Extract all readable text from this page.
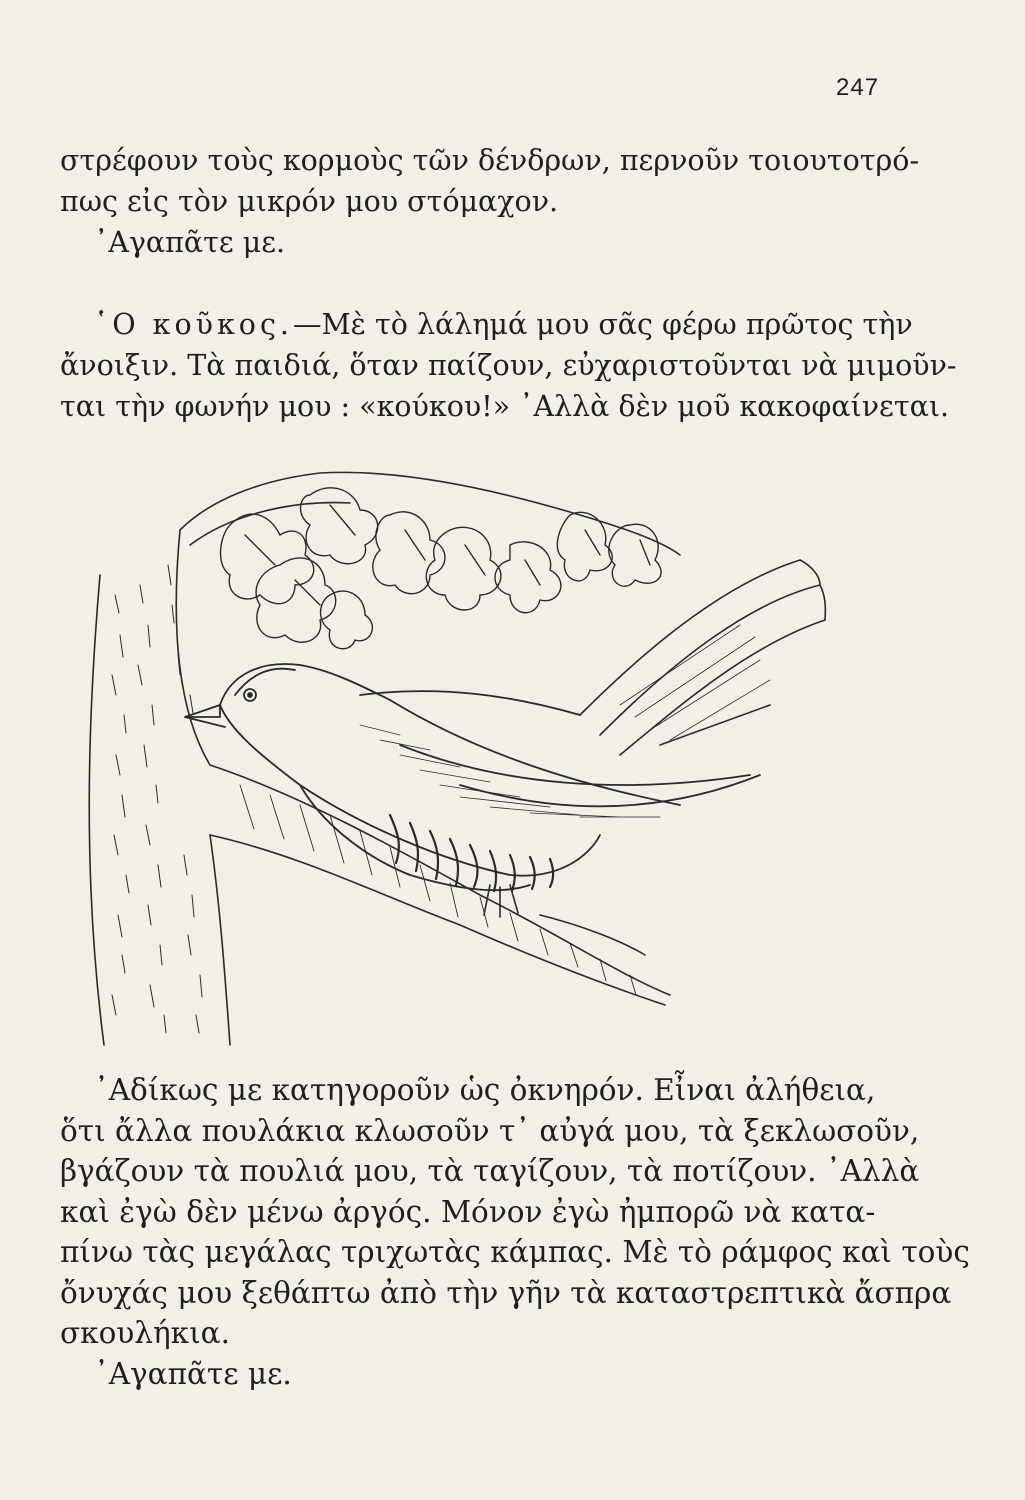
247

στρέφουν τοὺς κορμοὺς τῶν δένδρων, περνοῦν τοιουτοτρό-
πως εἰς τὸν μικρόν μου στόμαχον.
᾿Αγαπᾶτε με.
῾Ο κοῦκος.—Μὲ τὸ λάλημά μου σᾶς φέρω πρῶτος τὴν
ἄνοιξιν. Τὰ παιδιά, ὅταν παίζουν, εὐχαριστοῦνται νὰ μιμοῦν-
ται τὴν φωνήν μου : «κούκου!» ᾿Αλλὰ δὲν μοῦ κακοφαίνεται.

᾿Αδίκως με κατηγοροῦν ὡς ὀκνηρόν. Εἶναι ἀλήθεια,
ὅτι ἄλλα πουλάκια κλωσοῦν τ᾿ αὐγά μου, τὰ ξεκλωσοῦν,
βγάζουν τὰ πουλιά μου, τὰ ταγίζουν, τὰ ποτίζουν. ᾿Αλλὰ
καὶ ἐγὼ δὲν μένω ἀργός. Μόνον ἐγὼ ἠμπορῶ νὰ κατα-
πίνω τὰς μεγάλας τριχωτὰς κάμπας. Μὲ τὸ ράμφος καὶ τοὺς
ὄνυχάς μου ξεθάπτω ἀπὸ τὴν γῆν τὰ καταστρεπτικὰ ἄσπρα
σκουλήκια.
᾿Αγαπᾶτε με.
